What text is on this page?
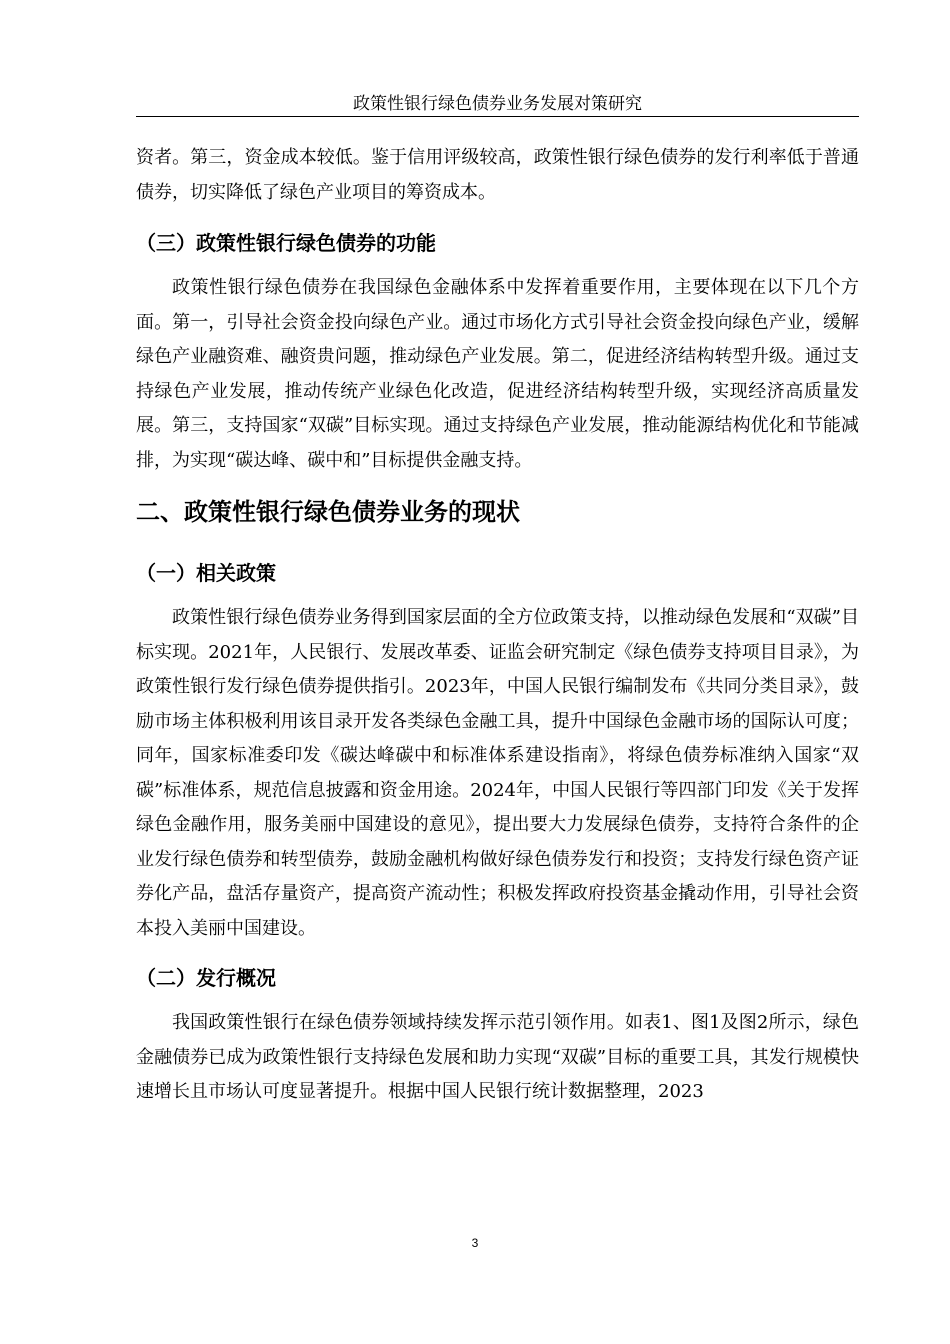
政策性银行绿色债券业务发展对策研究

资者。第三，资金成本较低。鉴于信用评级较高，政策性银行绿色债券的发行利率低于普通债券，切实降低了绿色产业项目的筹资成本。

（三）政策性银行绿色债券的功能

政策性银行绿色债券在我国绿色金融体系中发挥着重要作用，主要体现在以下几个方面。第一，引导社会资金投向绿色产业。通过市场化方式引导社会资金投向绿色产业，缓解绿色产业融资难、融资贵问题，推动绿色产业发展。第二，促进经济结构转型升级。通过支持绿色产业发展，推动传统产业绿色化改造，促进经济结构转型升级，实现经济高质量发展。第三，支持国家“双碳”目标实现。通过支持绿色产业发展，推动能源结构优化和节能减排，为实现“碳达峰、碳中和”目标提供金融支持。

二、政策性银行绿色债券业务的现状
（一）相关政策

政策性银行绿色债券业务得到国家层面的全方位政策支持，以推动绿色发展和“双碳”目标实现。2021年，人民银行、发展改革委、证监会研究制定《绿色债券支持项目目录》，为政策性银行发行绿色债券提供指引。2023年，中国人民银行编制发布《共同分类目录》，鼓励市场主体积极利用该目录开发各类绿色金融工具，提升中国绿色金融市场的国际认可度；同年，国家标准委印发《碳达峰碳中和标准体系建设指南》，将绿色债券标准纳入国家“双碳”标准体系，规范信息披露和资金用途。2024年，中国人民银行等四部门印发《关于发挥绿色金融作用，服务美丽中国建设的意见》，提出要大力发展绿色债券，支持符合条件的企业发行绿色债券和转型债券，鼓励金融机构做好绿色债券发行和投资；支持发行绿色资产证券化产品，盘活存量资产，提高资产流动性；积极发挥政府投资基金撬动作用，引导社会资本投入美丽中国建设。

（二）发行概况

我国政策性银行在绿色债券领域持续发挥示范引领作用。如表1、图1及图2所示，绿色金融债券已成为政策性银行支持绿色发展和助力实现“双碳”目标的重要工具，其发行规模快速增长且市场认可度显著提升。根据中国人民银行统计数据整理，2023

3
